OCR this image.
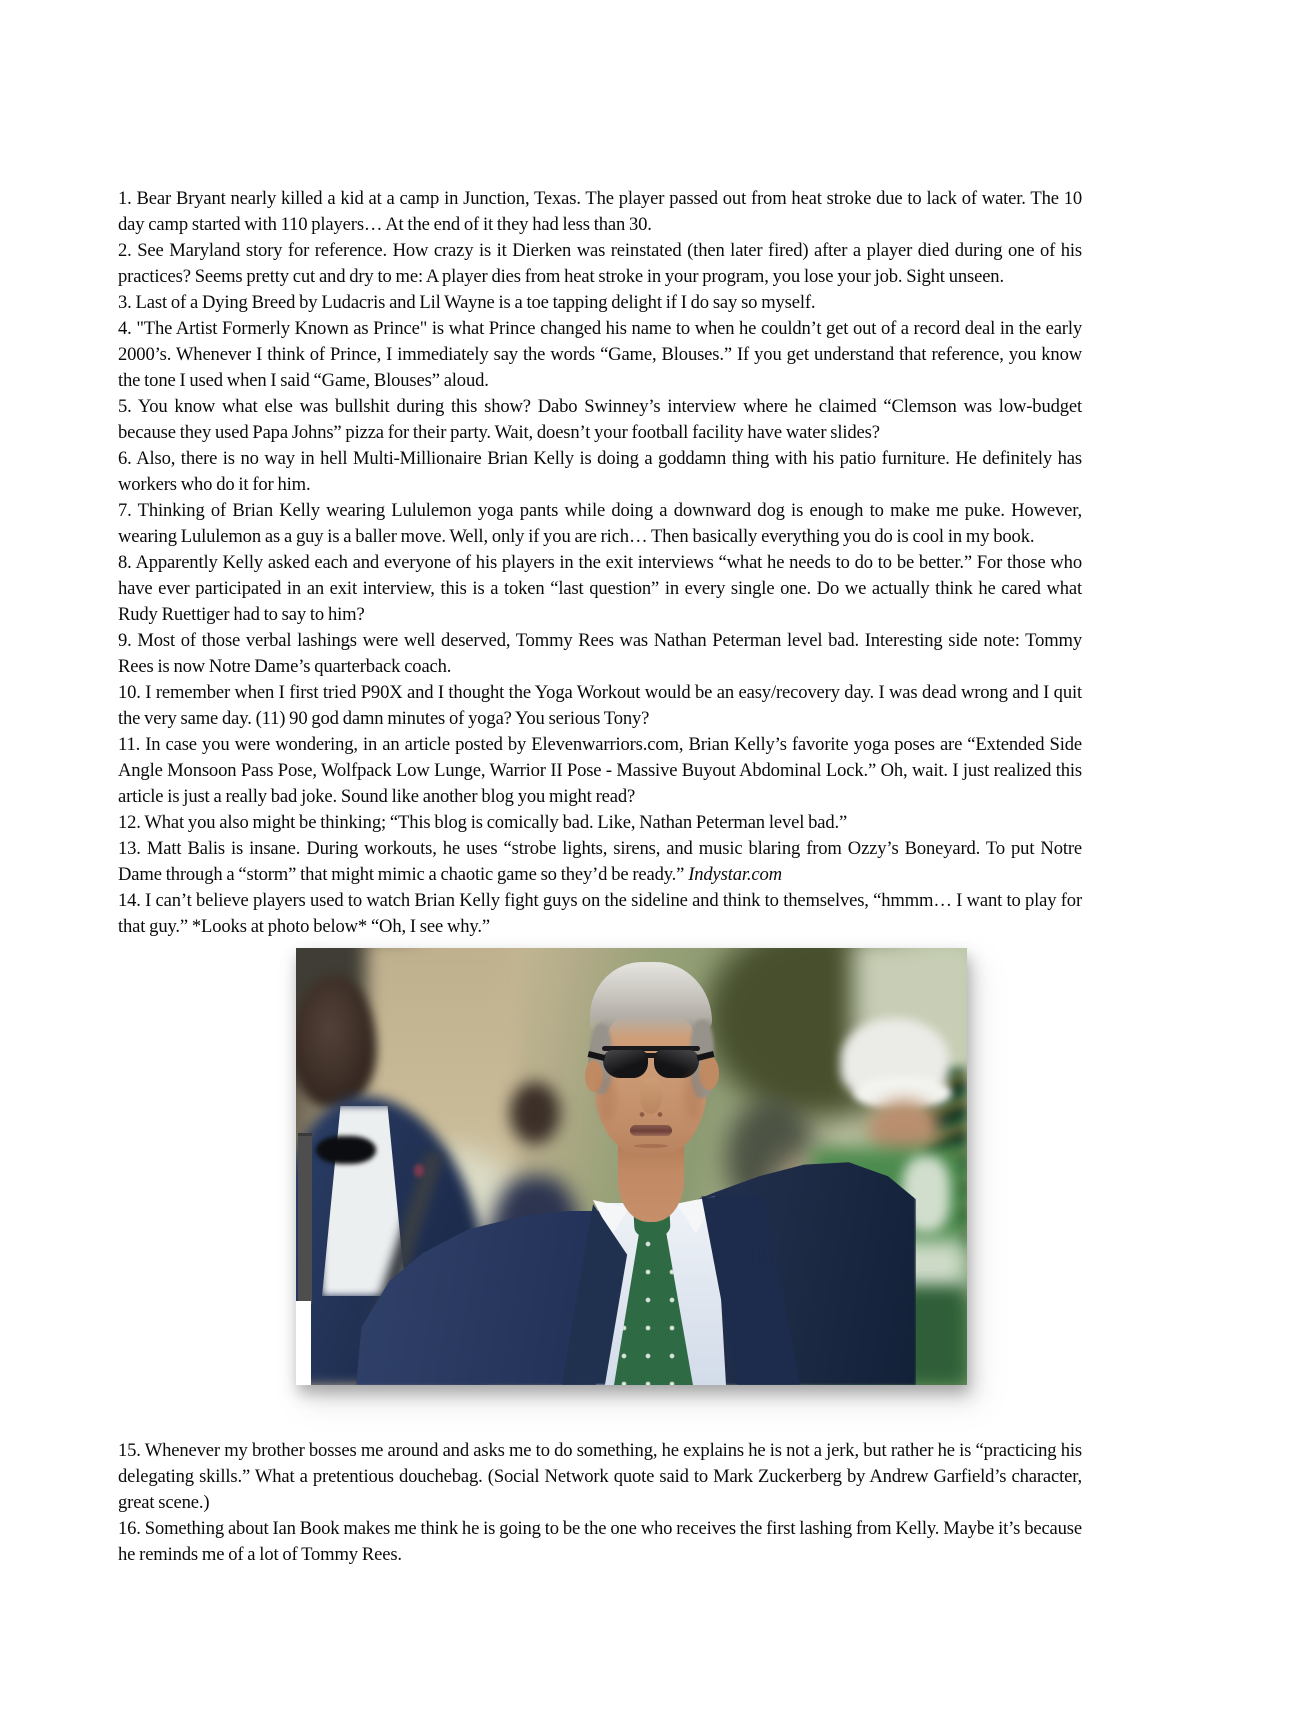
1. Bear Bryant nearly killed a kid at a camp in Junction, Texas. The player passed out from heat stroke due to lack of water. The 10 day camp started with 110 players… At the end of it they had less than 30.

2. See Maryland story for reference. How crazy is it Dierken was reinstated (then later fired) after a player died during one of his practices? Seems pretty cut and dry to me: A player dies from heat stroke in your program, you lose your job. Sight unseen.

3. Last of a Dying Breed by Ludacris and Lil Wayne is a toe tapping delight if I do say so myself.

4. "The Artist Formerly Known as Prince" is what Prince changed his name to when he couldn’t get out of a record deal in the early 2000’s. Whenever I think of Prince, I immediately say the words “Game, Blouses.” If you get understand that reference, you know the tone I used when I said “Game, Blouses” aloud.

5. You know what else was bullshit during this show? Dabo Swinney’s interview where he claimed “Clemson was low-budget because they used Papa Johns” pizza for their party. Wait, doesn’t your football facility have water slides?

6. Also, there is no way in hell Multi-Millionaire Brian Kelly is doing a goddamn thing with his patio furniture. He definitely has workers who do it for him.

7. Thinking of Brian Kelly wearing Lululemon yoga pants while doing a downward dog is enough to make me puke. However, wearing Lululemon as a guy is a baller move. Well, only if you are rich… Then basically everything you do is cool in my book.

8. Apparently Kelly asked each and everyone of his players in the exit interviews “what he needs to do to be better.” For those who have ever participated in an exit interview, this is a token “last question” in every single one. Do we actually think he cared what Rudy Ruettiger had to say to him?

9. Most of those verbal lashings were well deserved, Tommy Rees was Nathan Peterman level bad. Interesting side note: Tommy Rees is now Notre Dame’s quarterback coach.

10. I remember when I first tried P90X and I thought the Yoga Workout would be an easy/recovery day. I was dead wrong and I quit the very same day. (11) 90 god damn minutes of yoga? You serious Tony?

11. In case you were wondering, in an article posted by Elevenwarriors.com, Brian Kelly’s favorite yoga poses are “Extended Side Angle Monsoon Pass Pose, Wolfpack Low Lunge, Warrior II Pose - Massive Buyout Abdominal Lock.” Oh, wait. I just realized this article is just a really bad joke. Sound like another blog you might read?

12. What you also might be thinking; “This blog is comically bad. Like, Nathan Peterman level bad.”

13. Matt Balis is insane. During workouts, he uses “strobe lights, sirens, and music blaring from Ozzy’s Boneyard. To put Notre Dame through a “storm” that might mimic a chaotic game so they’d be ready.” Indystar.com

14. I can’t believe players used to watch Brian Kelly fight guys on the sideline and think to themselves, “hmmm… I want to play for that guy.” *Looks at photo below* “Oh, I see why.”

15. Whenever my brother bosses me around and asks me to do something, he explains he is not a jerk, but rather he is “practicing his delegating skills.” What a pretentious douchebag. (Social Network quote said to Mark Zuckerberg by Andrew Garfield’s character, great scene.)

16. Something about Ian Book makes me think he is going to be the one who receives the first lashing from Kelly. Maybe it’s because he reminds me of a lot of Tommy Rees.
